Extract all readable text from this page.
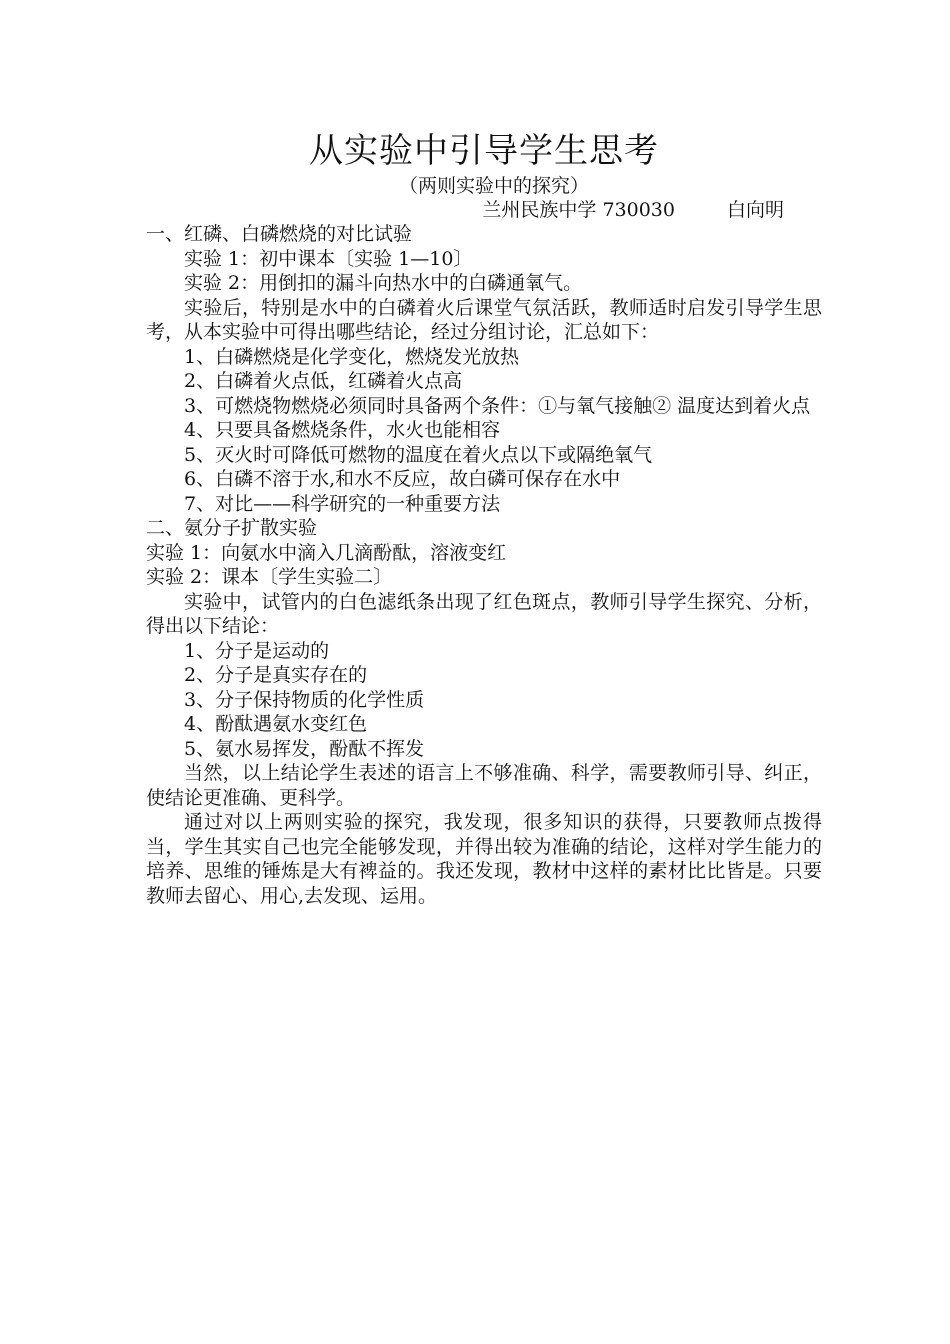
从实验中引导学生思考

（两则实验中的探究）

兰州民族中学 730030	白向明

一、红磷、白磷燃烧的对比试验

实验 1：初中课本〔实验 1—10〕

实验 2：用倒扣的漏斗向热水中的白磷通氧气。

实验后，特别是水中的白磷着火后课堂气氛活跃，教师适时启发引导学生思考，从本实验中可得出哪些结论，经过分组讨论，汇总如下：

1、白磷燃烧是化学变化，燃烧发光放热

2、白磷着火点低，红磷着火点高

3、可燃烧物燃烧必须同时具备两个条件：①与氧气接触② 温度达到着火点

4、只要具备燃烧条件，水火也能相容

5、灭火时可降低可燃物的温度在着火点以下或隔绝氧气

6、白磷不溶于水,和水不反应，故白磷可保存在水中

7、对比——科学研究的一种重要方法

二、氨分子扩散实验

实验 1：向氨水中滴入几滴酚酞，溶液变红

实验 2：课本〔学生实验二〕

实验中，试管内的白色滤纸条出现了红色斑点，教师引导学生探究、分析，得出以下结论：

1、分子是运动的

2、分子是真实存在的

3、分子保持物质的化学性质

4、酚酞遇氨水变红色

5、氨水易挥发，酚酞不挥发

当然，以上结论学生表述的语言上不够准确、科学，需要教师引导、纠正，使结论更准确、更科学。

通过对以上两则实验的探究，我发现，很多知识的获得，只要教师点拨得当，学生其实自己也完全能够发现，并得出较为准确的结论，这样对学生能力的培养、思维的锤炼是大有裨益的。我还发现，教材中这样的素材比比皆是。只要教师去留心、用心,去发现、运用。
